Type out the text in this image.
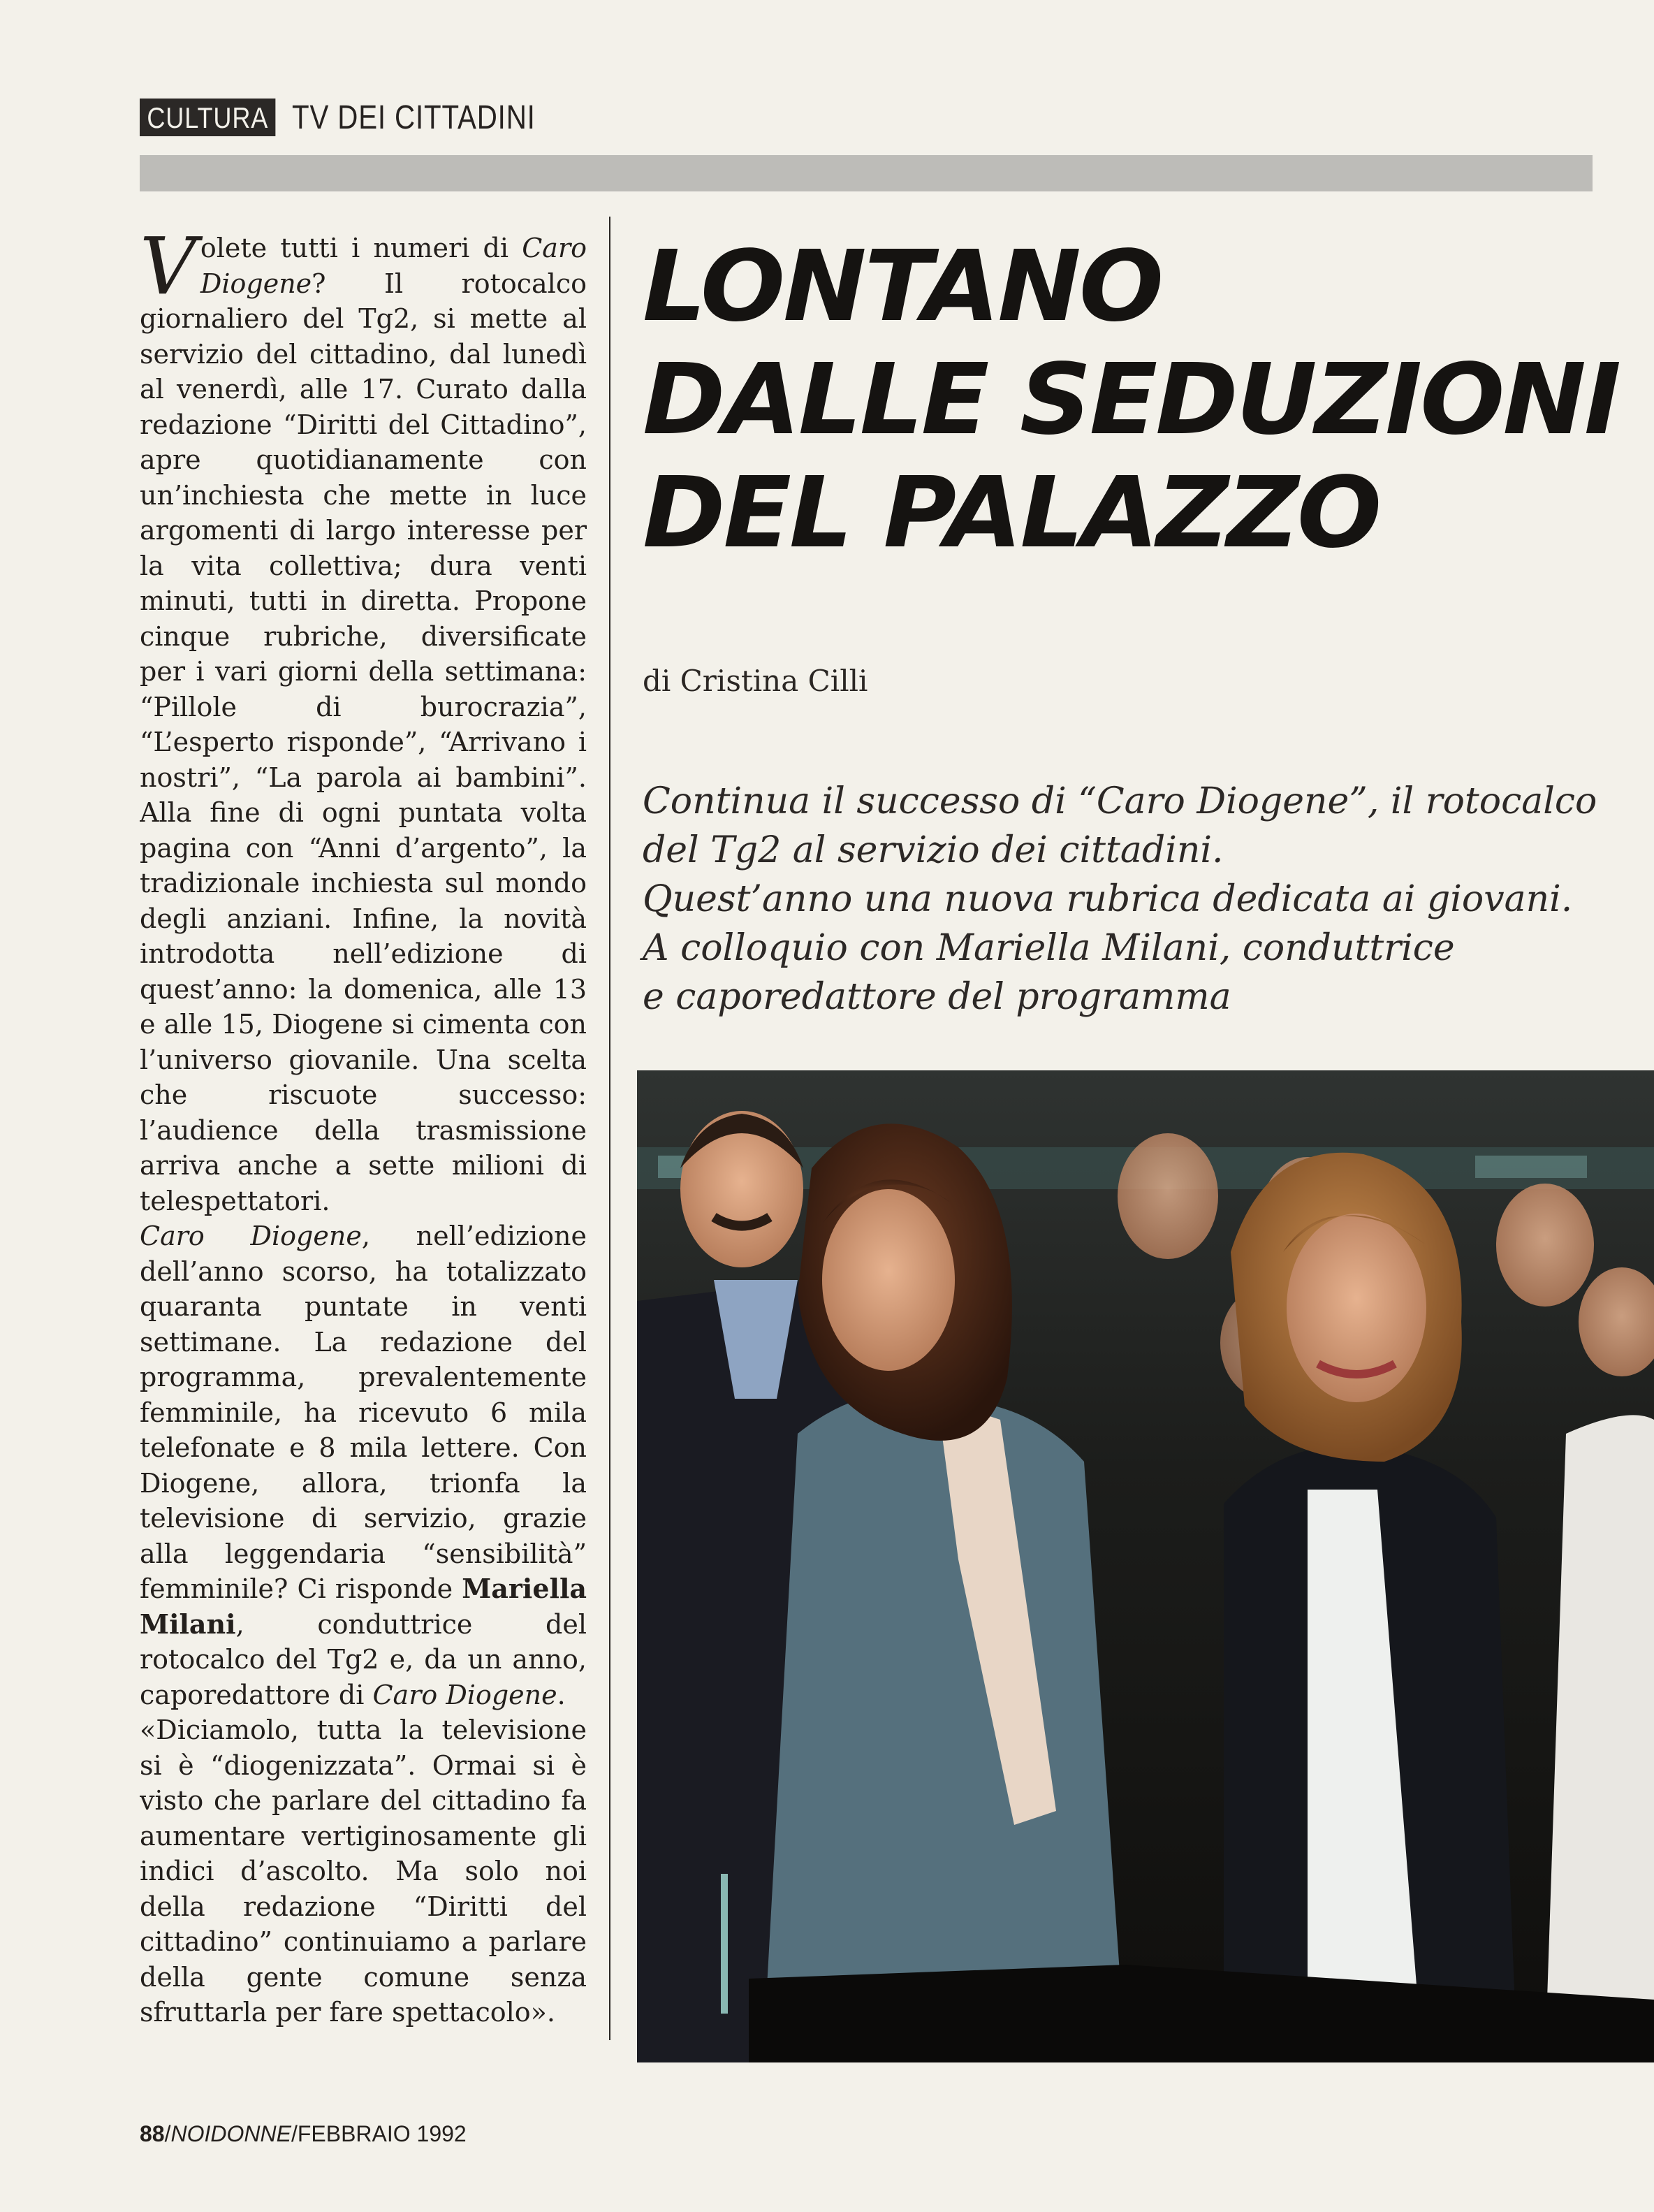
CULTURA TV DEI CITTADINI

Volete tutti i numeri di Caro Diogene? Il rotocalco giornaliero del Tg2, si mette al servizio del cittadino, dal lunedì al venerdì, alle 17. Curato dalla redazione “Diritti del Cittadino”, apre quotidianamente con un’inchiesta che mette in luce argomenti di largo interesse per la vita collettiva; dura venti minuti, tutti in diretta. Propone cinque rubriche, diversificate per i vari giorni della settimana: “Pillole di burocrazia”, “L’esperto risponde”, “Arrivano i nostri”, “La parola ai bambini”. Alla fine di ogni puntata volta pagina con “Anni d’argento”, la tradizionale inchiesta sul mondo degli anziani. Infine, la novità introdotta nell’edizione di quest’anno: la domenica, alle 13 e alle 15, Diogene si cimenta con l’universo giovanile. Una scelta che riscuote successo: l’audience della trasmissione arriva anche a sette milioni di telespettatori.

Caro Diogene, nell’edizione dell’anno scorso, ha totalizzato quaranta puntate in venti settimane. La redazione del programma, prevalentemente femminile, ha ricevuto 6 mila telefonate e 8 mila lettere. Con Diogene, allora, trionfa la televisione di servizio, grazie alla leggendaria “sensibilità” femminile? Ci risponde Mariella Milani, conduttrice del rotocalco del Tg2 e, da un anno, caporedattore di Caro Diogene.

«Diciamolo, tutta la televisione si è “diogenizzata”. Ormai si è visto che parlare del cittadino fa aumentare vertiginosamente gli indici d’ascolto. Ma solo noi della redazione “Diritti del cittadino” continuiamo a parlare della gente comune senza sfruttarla per fare spettacolo».

LONTANO
DALLE SEDUZIONI
DEL PALAZZO
di Cristina Cilli
Continua il successo di “Caro Diogene”, il rotocalco
del Tg2 al servizio dei cittadini.
Quest’anno una nuova rubrica dedicata ai giovani.
A colloquio con Mariella Milani, conduttrice
e caporedattore del programma
88/NOIDONNE/FEBBRAIO 1992
